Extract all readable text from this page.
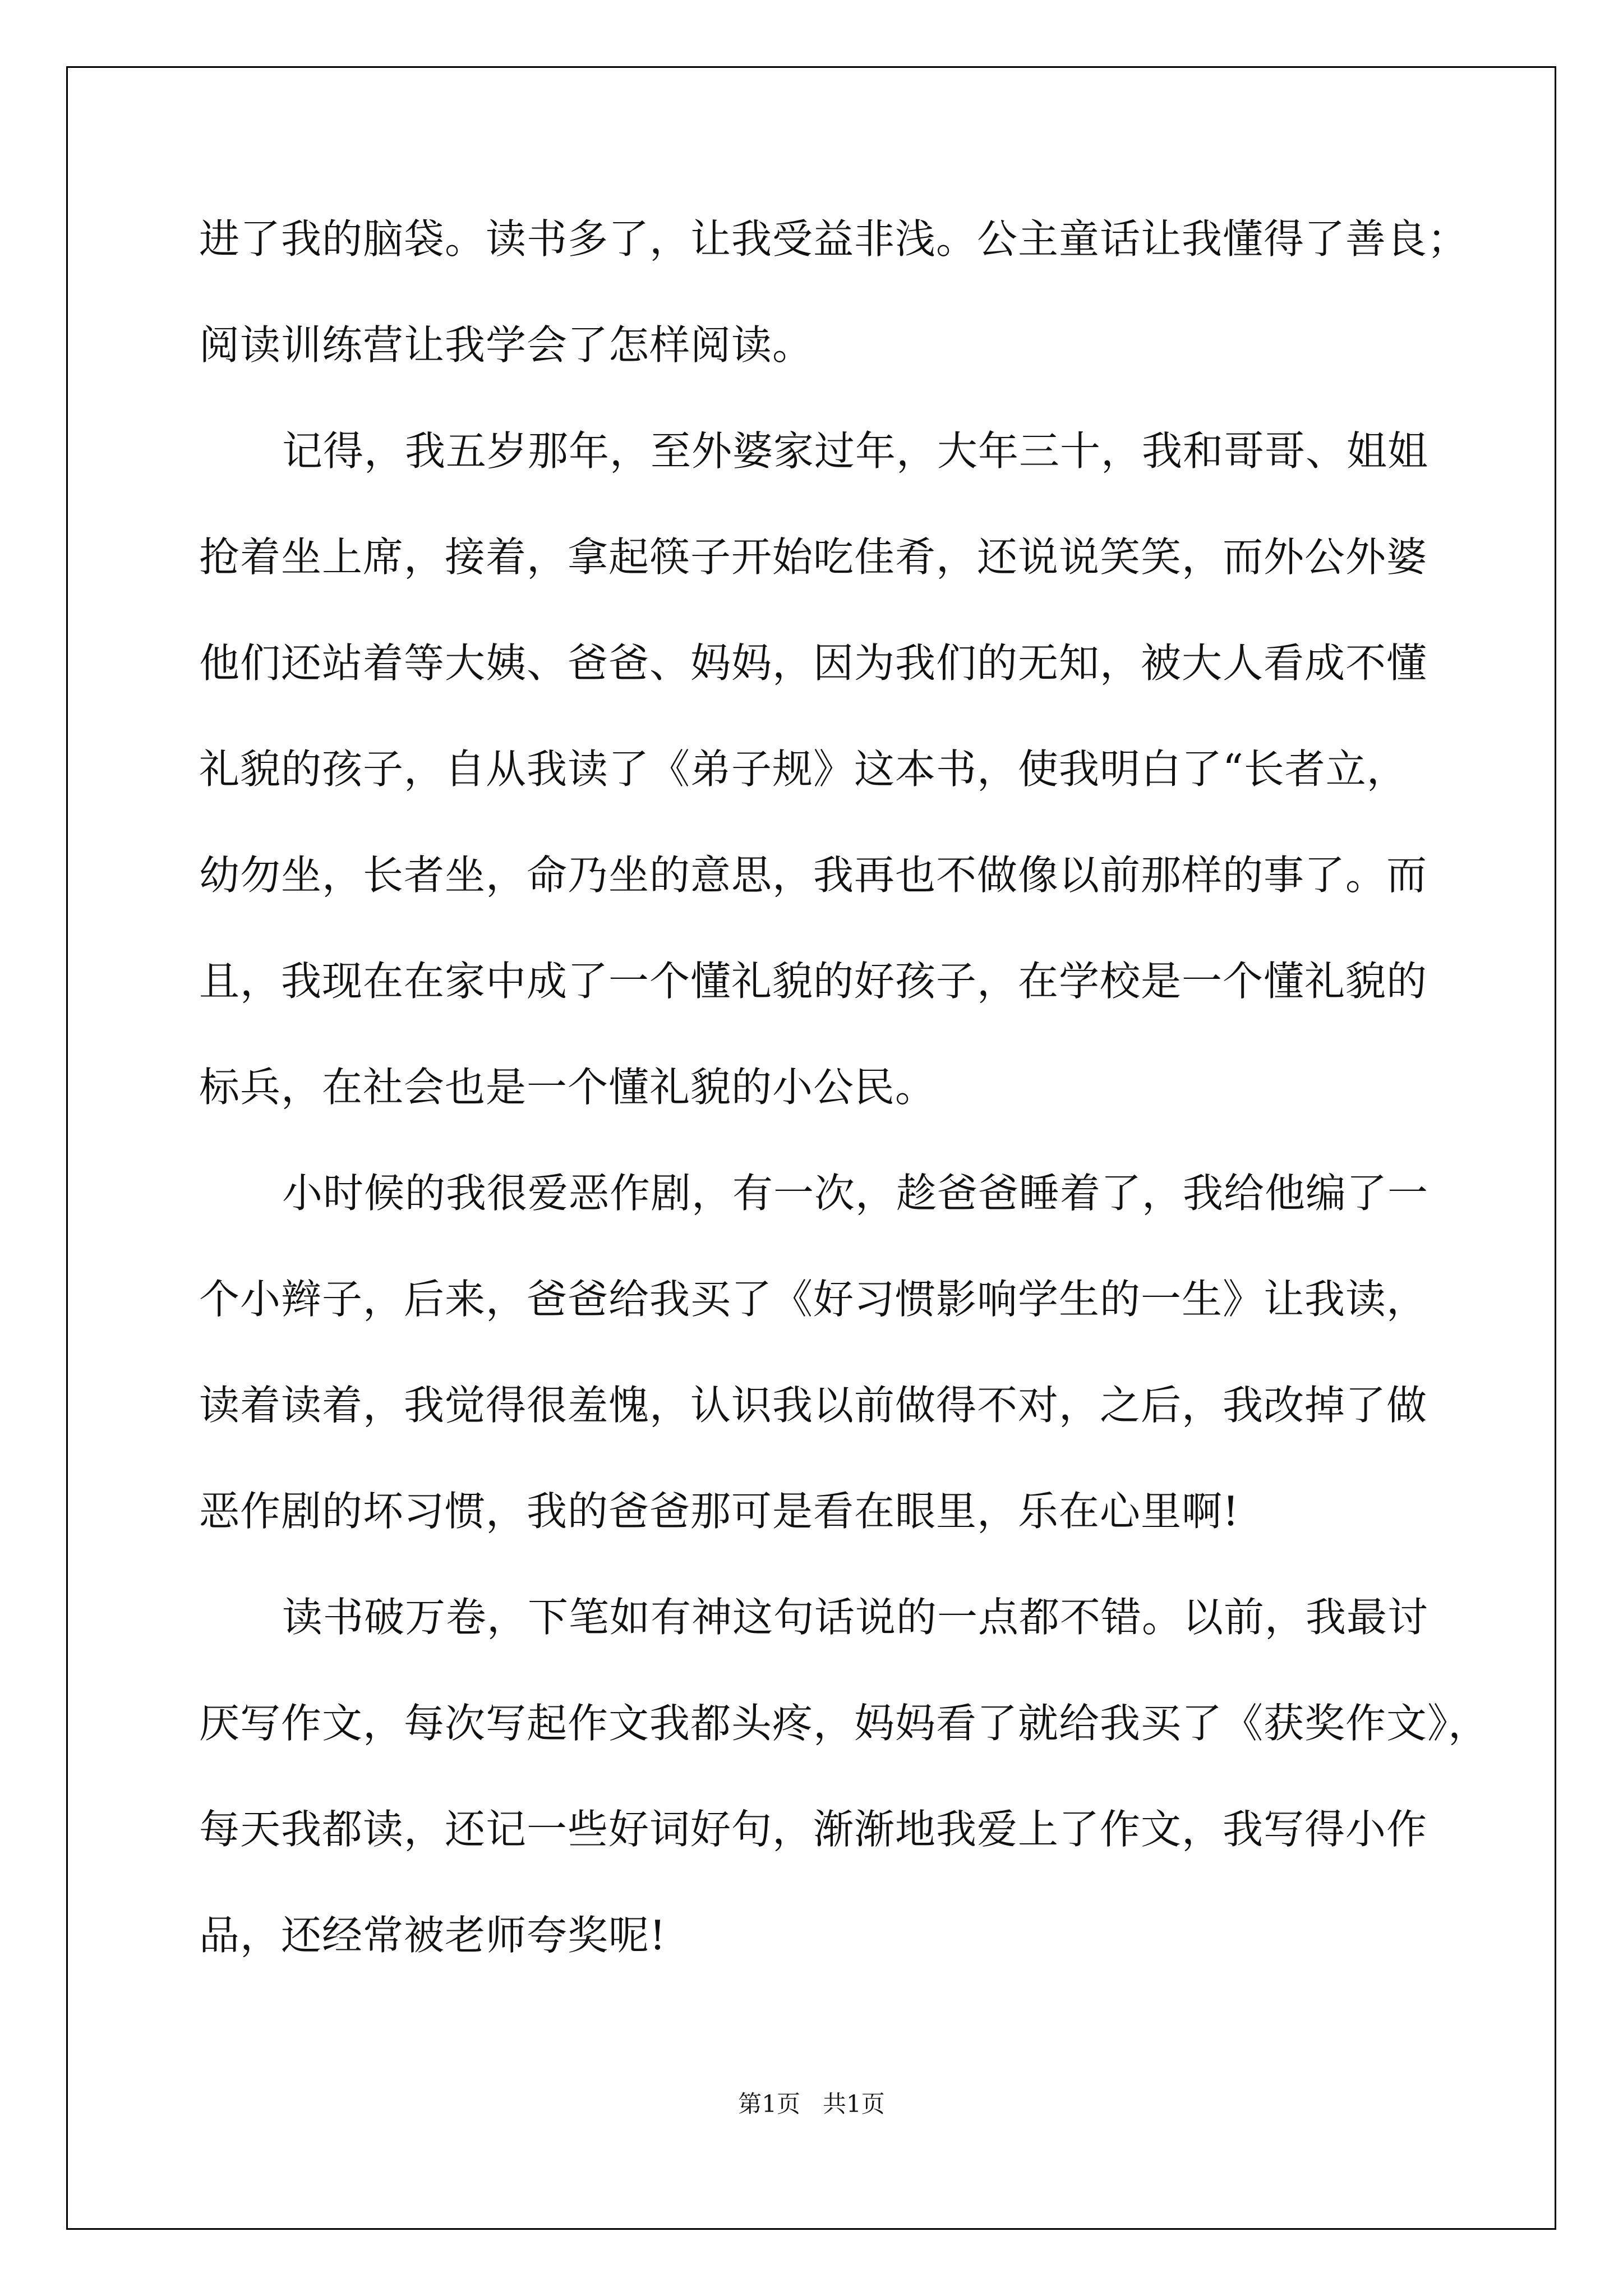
进了我的脑袋。读书多了，让我受益非浅。公主童话让我懂得了善良；
阅读训练营让我学会了怎样阅读。
记得，我五岁那年，至外婆家过年，大年三十，我和哥哥、姐姐
抢着坐上席，接着，拿起筷子开始吃佳肴，还说说笑笑，而外公外婆
他们还站着等大姨、爸爸、妈妈，因为我们的无知，被大人看成不懂
礼貌的孩子，自从我读了《弟子规》这本书，使我明白了“长者立，
幼勿坐，长者坐，命乃坐的意思，我再也不做像以前那样的事了。而
且，我现在在家中成了一个懂礼貌的好孩子，在学校是一个懂礼貌的
标兵，在社会也是一个懂礼貌的小公民。
小时候的我很爱恶作剧，有一次，趁爸爸睡着了，我给他编了一
个小辫子，后来，爸爸给我买了《好习惯影响学生的一生》让我读，
读着读着，我觉得很羞愧，认识我以前做得不对，之后，我改掉了做
恶作剧的坏习惯，我的爸爸那可是看在眼里，乐在心里啊!
读书破万卷，下笔如有神这句话说的一点都不错。以前，我最讨
厌写作文，每次写起作文我都头疼，妈妈看了就给我买了《获奖作文》，
每天我都读，还记一些好词好句，渐渐地我爱上了作文，我写得小作
品，还经常被老师夸奖呢!
第1页 共1页
